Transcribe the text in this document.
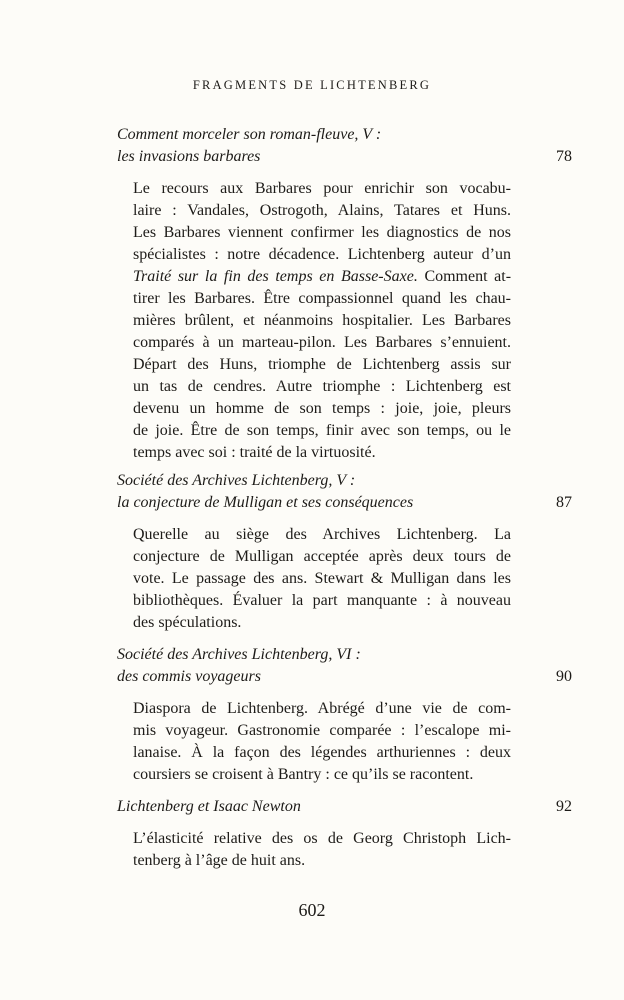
FRAGMENTS DE LICHTENBERG
Comment morceler son roman-fleuve, V :
les invasions barbares	78
Le recours aux Barbares pour enrichir son vocabu-
laire : Vandales, Ostrogoth, Alains, Tatares et Huns.
Les Barbares viennent confirmer les diagnostics de nos
spécialistes : notre décadence. Lichtenberg auteur d’un
Traité sur la fin des temps en Basse-Saxe. Comment at-
tirer les Barbares. Être compassionnel quand les chau-
mières brûlent, et néanmoins hospitalier. Les Barbares
comparés à un marteau-pilon. Les Barbares s’ennuient.
Départ des Huns, triomphe de Lichtenberg assis sur
un tas de cendres. Autre triomphe : Lichtenberg est
devenu un homme de son temps : joie, joie, pleurs
de joie. Être de son temps, finir avec son temps, ou le
temps avec soi : traité de la virtuosité.
Société des Archives Lichtenberg, V :
la conjecture de Mulligan et ses conséquences	87
Querelle au siège des Archives Lichtenberg. La
conjecture de Mulligan acceptée après deux tours de
vote. Le passage des ans. Stewart & Mulligan dans les
bibliothèques. Évaluer la part manquante : à nouveau
des spéculations.
Société des Archives Lichtenberg, VI :
des commis voyageurs	90
Diaspora de Lichtenberg. Abrégé d’une vie de com-
mis voyageur. Gastronomie comparée : l’escalope mi-
lanaise. À la façon des légendes arthuriennes : deux
coursiers se croisent à Bantry : ce qu’ils se racontent.
Lichtenberg et Isaac Newton	92
L’élasticité relative des os de Georg Christoph Lich-
tenberg à l’âge de huit ans.
602
